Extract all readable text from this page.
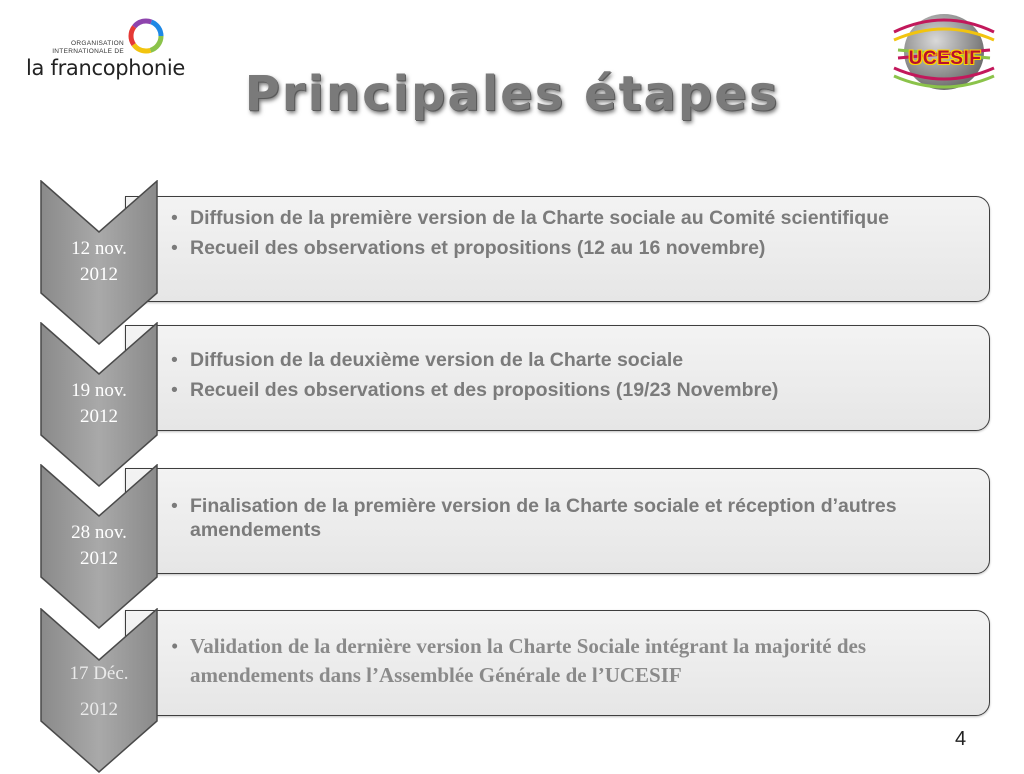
ORGANISATION
INTERNATIONALE DE
la francophonie	UCESIF
Principales étapes
12 nov.
2012
• Diffusion de la première version de la Charte sociale au Comité scientifique
• Recueil des observations et propositions (12 au 16 novembre)
19 nov.
2012
• Diffusion de la deuxième version de la Charte sociale
• Recueil des observations et des propositions (19/23 Novembre)
28 nov.
2012
• Finalisation de la première version de la Charte sociale et réception d’autres amendements
17 Déc.
2012
• Validation de la dernière version la Charte Sociale intégrant la majorité des amendements dans l’Assemblée Générale de l’UCESIF
4
